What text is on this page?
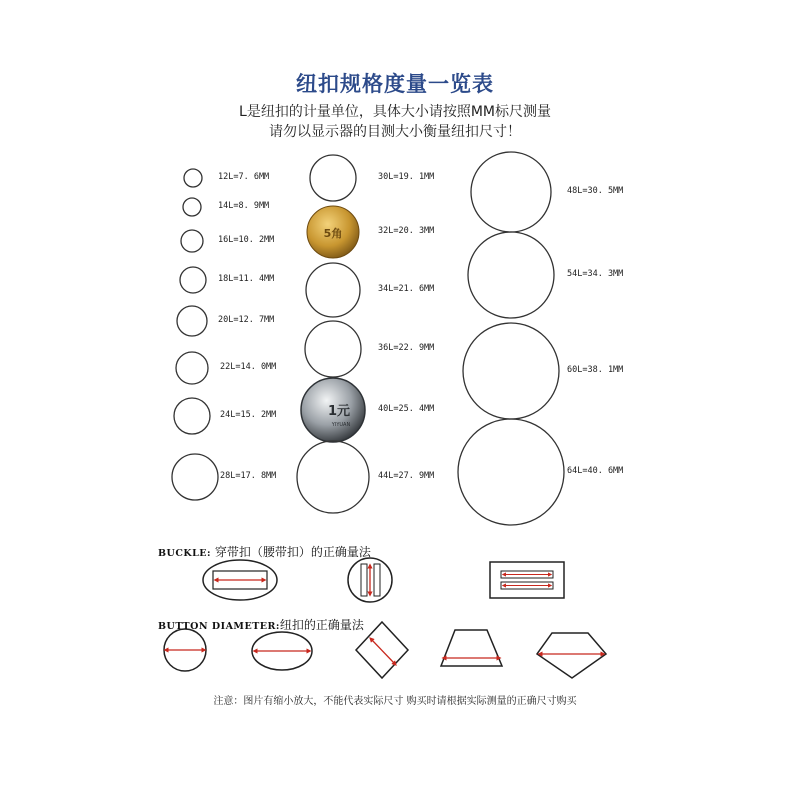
纽扣规格度量一览表
L是纽扣的计量单位，具体大小请按照MM标尺测量
请勿以显示器的目测大小衡量纽扣尺寸！
5角
1元
YIYUAN
12L=7. 6MM
14L=8. 9MM
16L=10. 2MM
18L=11. 4MM
20L=12. 7MM
22L=14. 0MM
24L=15. 2MM
28L=17. 8MM
30L=19. 1MM
32L=20. 3MM
34L=21. 6MM
36L=22. 9MM
40L=25. 4MM
44L=27. 9MM
48L=30. 5MM
54L=34. 3MM
60L=38. 1MM
64L=40. 6MM
BUCKLE: 穿带扣（腰带扣）的正确量法
BUTTON DIAMETER:纽扣的正确量法
注意：图片有缩小放大，不能代表实际尺寸 购买时请根据实际测量的正确尺寸购买
